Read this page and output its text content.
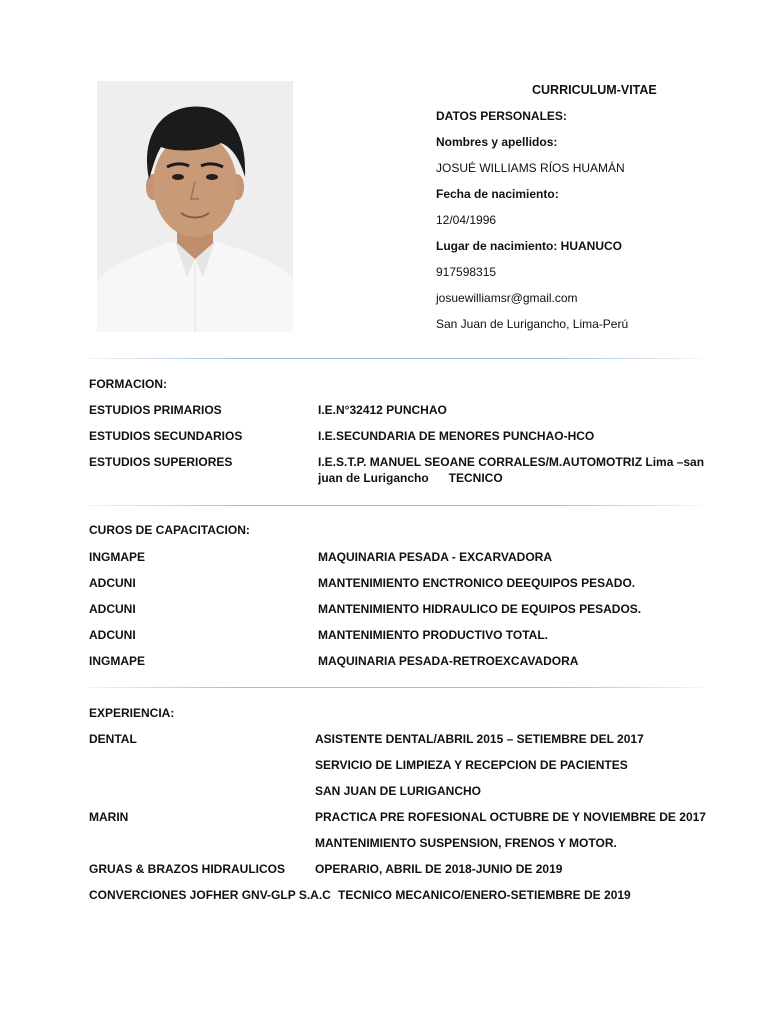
CURRICULUM-VITAE
DATOS PERSONALES:
Nombres y apellidos:
JOSUÉ WILLIAMS RÍOS HUAMÁN
Fecha de nacimiento:
12/04/1996
Lugar de nacimiento: HUANUCO
917598315
josuewilliamsr@gmail.com
San Juan de Lurigancho, Lima-Perú
FORMACION:
ESTUDIOS PRIMARIOS	I.E.N°32412 PUNCHAO
ESTUDIOS SECUNDARIOS	I.E.SECUNDARIA DE MENORES PUNCHAO-HCO
ESTUDIOS SUPERIORES	I.E.S.T.P. MANUEL SEOANE CORRALES/M.AUTOMOTRIZ Lima –san
juan de Lurigancho      TECNICO
CUROS DE CAPACITACION:
INGMAPE	MAQUINARIA PESADA - EXCARVADORA
ADCUNI	MANTENIMIENTO ENCTRONICO DEEQUIPOS PESADO.
ADCUNI	MANTENIMIENTO HIDRAULICO DE EQUIPOS PESADOS.
ADCUNI	MANTENIMIENTO PRODUCTIVO TOTAL.
INGMAPE	MAQUINARIA PESADA-RETROEXCAVADORA
EXPERIENCIA:
DENTAL	ASISTENTE DENTAL/ABRIL 2015 – SETIEMBRE DEL 2017
SERVICIO DE LIMPIEZA Y RECEPCION DE PACIENTES
SAN JUAN DE LURIGANCHO
MARIN	PRACTICA PRE ROFESIONAL OCTUBRE DE Y NOVIEMBRE DE 2017
MANTENIMIENTO SUSPENSION, FRENOS Y MOTOR.
GRUAS & BRAZOS HIDRAULICOS OPERARIO, ABRIL DE 2018-JUNIO DE 2019
CONVERCIONES JOFHER GNV-GLP S.A.C TECNICO MECANICO/ENERO-SETIEMBRE DE 2019
